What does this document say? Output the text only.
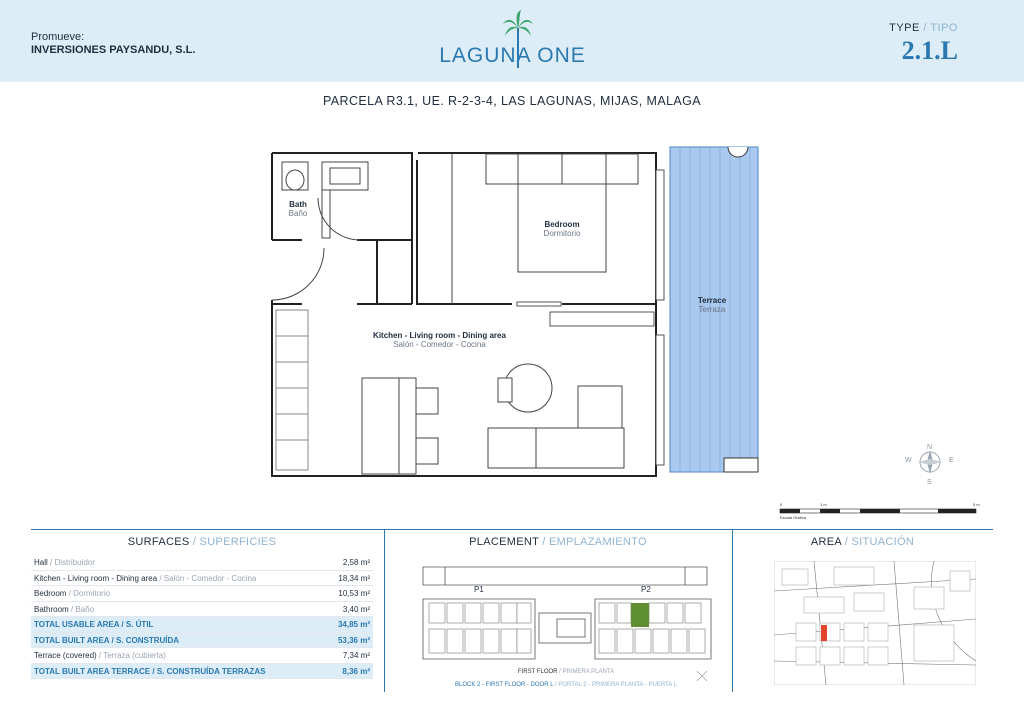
Promueve:
INVERSIONES PAYSANDU, S.L.	LAGUNA ONE
TYPE / TIPO
2.1.L
PARCELA R3.1, UE. R-2-3-4, LAS LAGUNAS, MIJAS, MALAGA
Bath
Baño
Bedroom
Dormitorio
Terrace
Terraza
Kitchen - Living room - Dining area
Salón - Comedor - Cocina
N
S
E
W
0	1 m	5 m
Escala Gráfica
SURFACES / SUPERFICIES	PLACEMENT / EMPLAZAMIENTO	AREA / SITUACIÓN
Hall / Distribuidor	2,58 m²
Kitchen - Living room - Dining area / Salón - Comedor - Cocina	18,34 m²
Bedroom / Dormitorio	10,53 m²
Bathroom / Baño	3,40 m²
TOTAL USABLE AREA / S. ÚTIL	34,85 m²
TOTAL BUILT AREA / S. CONSTRUÍDA	53,36 m²
Terrace (covered) / Terraza (cubierta)	7,34 m²
TOTAL BUILT AREA TERRACE / S. CONSTRUÍDA TERRAZAS	8,36 m²
P1	P2
FIRST FLOOR / PRIMERA PLANTA
BLOCK 2 - FIRST FLOOR - DOOR L / PORTAL 2 - PRIMERA PLANTA - PUERTA L
